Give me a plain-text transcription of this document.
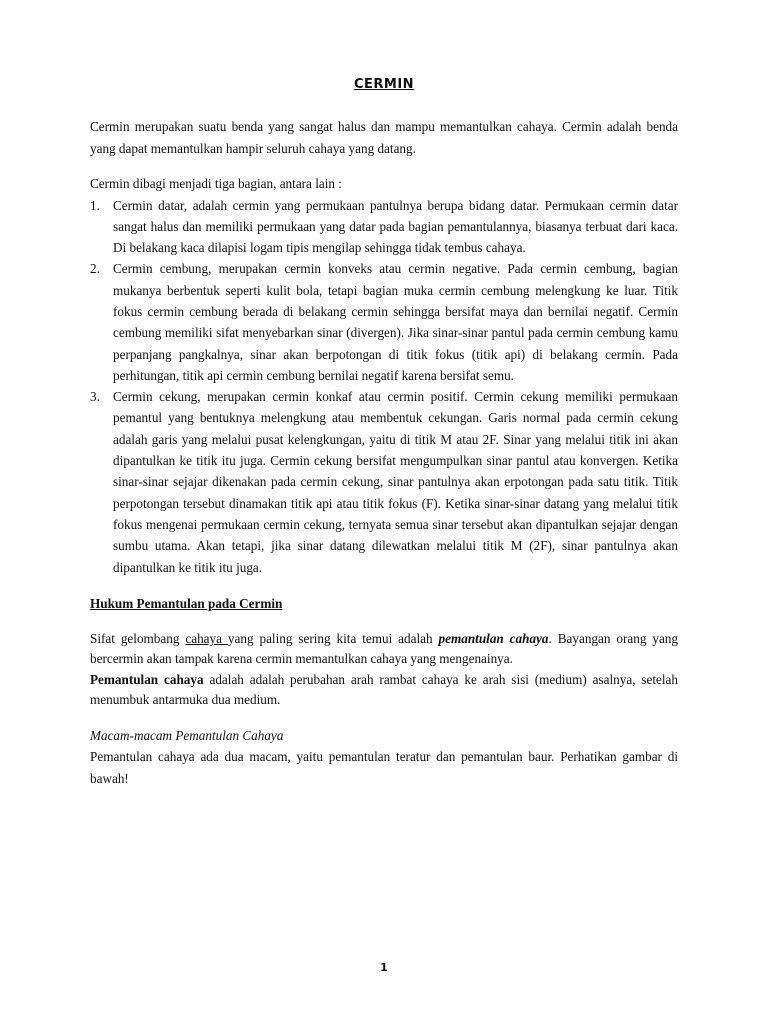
CERMIN

Cermin merupakan suatu benda yang sangat halus dan mampu memantulkan cahaya. Cermin adalah benda yang dapat memantulkan hampir seluruh cahaya yang datang.

Cermin dibagi menjadi tiga bagian, antara lain :

1. Cermin datar, adalah cermin yang permukaan pantulnya berupa bidang datar. Permukaan cermin datar sangat halus dan memiliki permukaan yang datar pada bagian pemantulannya, biasanya terbuat dari kaca. Di belakang kaca dilapisi logam tipis mengilap sehingga tidak tembus cahaya.
2. Cermin cembung, merupakan cermin konveks atau cermin negative. Pada cermin cembung, bagian mukanya berbentuk seperti kulit bola, tetapi bagian muka cermin cembung melengkung ke luar. Titik fokus cermin cembung berada di belakang cermin sehingga bersifat maya dan bernilai negatif. Cermin cembung memiliki sifat menyebarkan sinar (divergen). Jika sinar-sinar pantul pada cermin cembung kamu perpanjang pangkalnya, sinar akan berpotongan di titik fokus (titik api) di belakang cermin. Pada perhitungan, titik api cermin cembung bernilai negatif karena bersifat semu.
3. Cermin cekung, merupakan cermin konkaf atau cermin positif. Cermin cekung memiliki permukaan pemantul yang bentuknya melengkung atau membentuk cekungan. Garis normal pada cermin cekung adalah garis yang melalui pusat kelengkungan, yaitu di titik M atau 2F. Sinar yang melalui titik ini akan dipantulkan ke titik itu juga. Cermin cekung bersifat mengumpulkan sinar pantul atau konvergen. Ketika sinar-sinar sejajar dikenakan pada cermin cekung, sinar pantulnya akan erpotongan pada satu titik. Titik perpotongan tersebut dinamakan titik api atau titik fokus (F). Ketika sinar-sinar datang yang melalui titik fokus mengenai permukaan cermin cekung, ternyata semua sinar tersebut akan dipantulkan sejajar dengan sumbu utama. Akan tetapi, jika sinar datang dilewatkan melalui titik M (2F), sinar pantulnya akan dipantulkan ke titik itu juga.

Hukum Pemantulan pada Cermin

Sifat gelombang cahaya yang paling sering kita temui adalah pemantulan cahaya. Bayangan orang yang bercermin akan tampak karena cermin memantulkan cahaya yang mengenainya.

Pemantulan cahaya adalah adalah perubahan arah rambat cahaya ke arah sisi (medium) asalnya, setelah menumbuk antarmuka dua medium.

Macam-macam Pemantulan Cahaya

Pemantulan cahaya ada dua macam, yaitu pemantulan teratur dan pemantulan baur. Perhatikan gambar di bawah!

1
